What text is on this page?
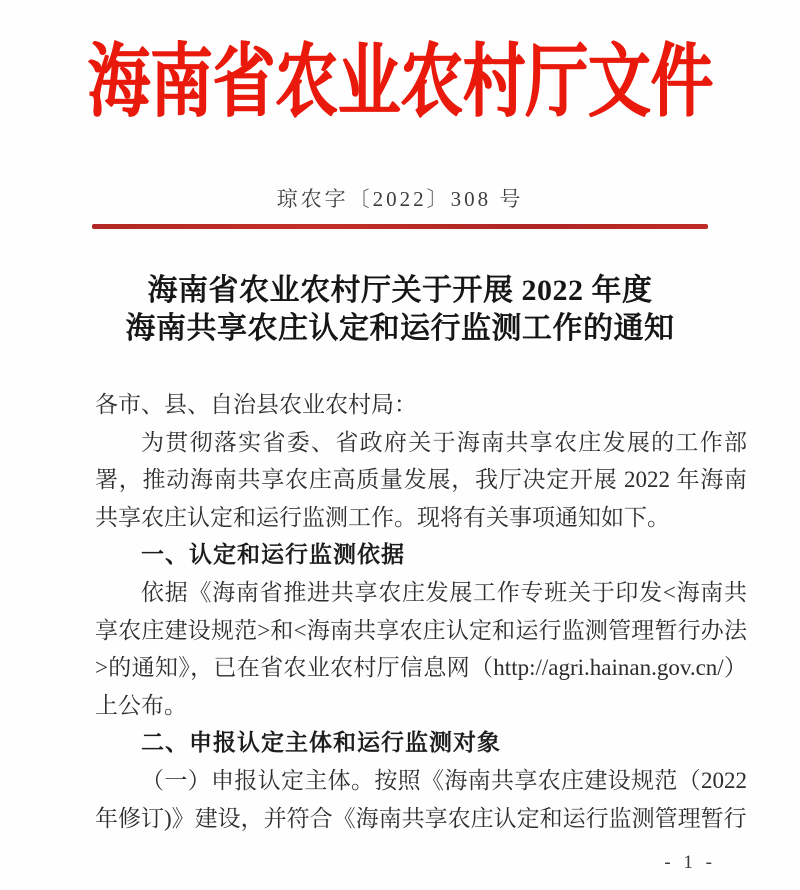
海南省农业农村厅文件
琼农字〔2022〕308 号
海南省农业农村厅关于开展 2022 年度
海南共享农庄认定和运行监测工作的通知

各市、县、自治县农业农村局：

为贯彻落实省委、省政府关于海南共享农庄发展的工作部署，推动海南共享农庄高质量发展，我厅决定开展 2022 年海南共享农庄认定和运行监测工作。现将有关事项通知如下。

一、认定和运行监测依据

依据《海南省推进共享农庄发展工作专班关于印发<海南共享农庄建设规范>和<海南共享农庄认定和运行监测管理暂行办法>的通知》，已在省农业农村厅信息网（http://agri.hainan.gov.cn/）上公布。

二、申报认定主体和运行监测对象

（一）申报认定主体。按照《海南共享农庄建设规范（2022 年修订)》建设，并符合《海南共享农庄认定和运行监测管理暂行

- 1 -
